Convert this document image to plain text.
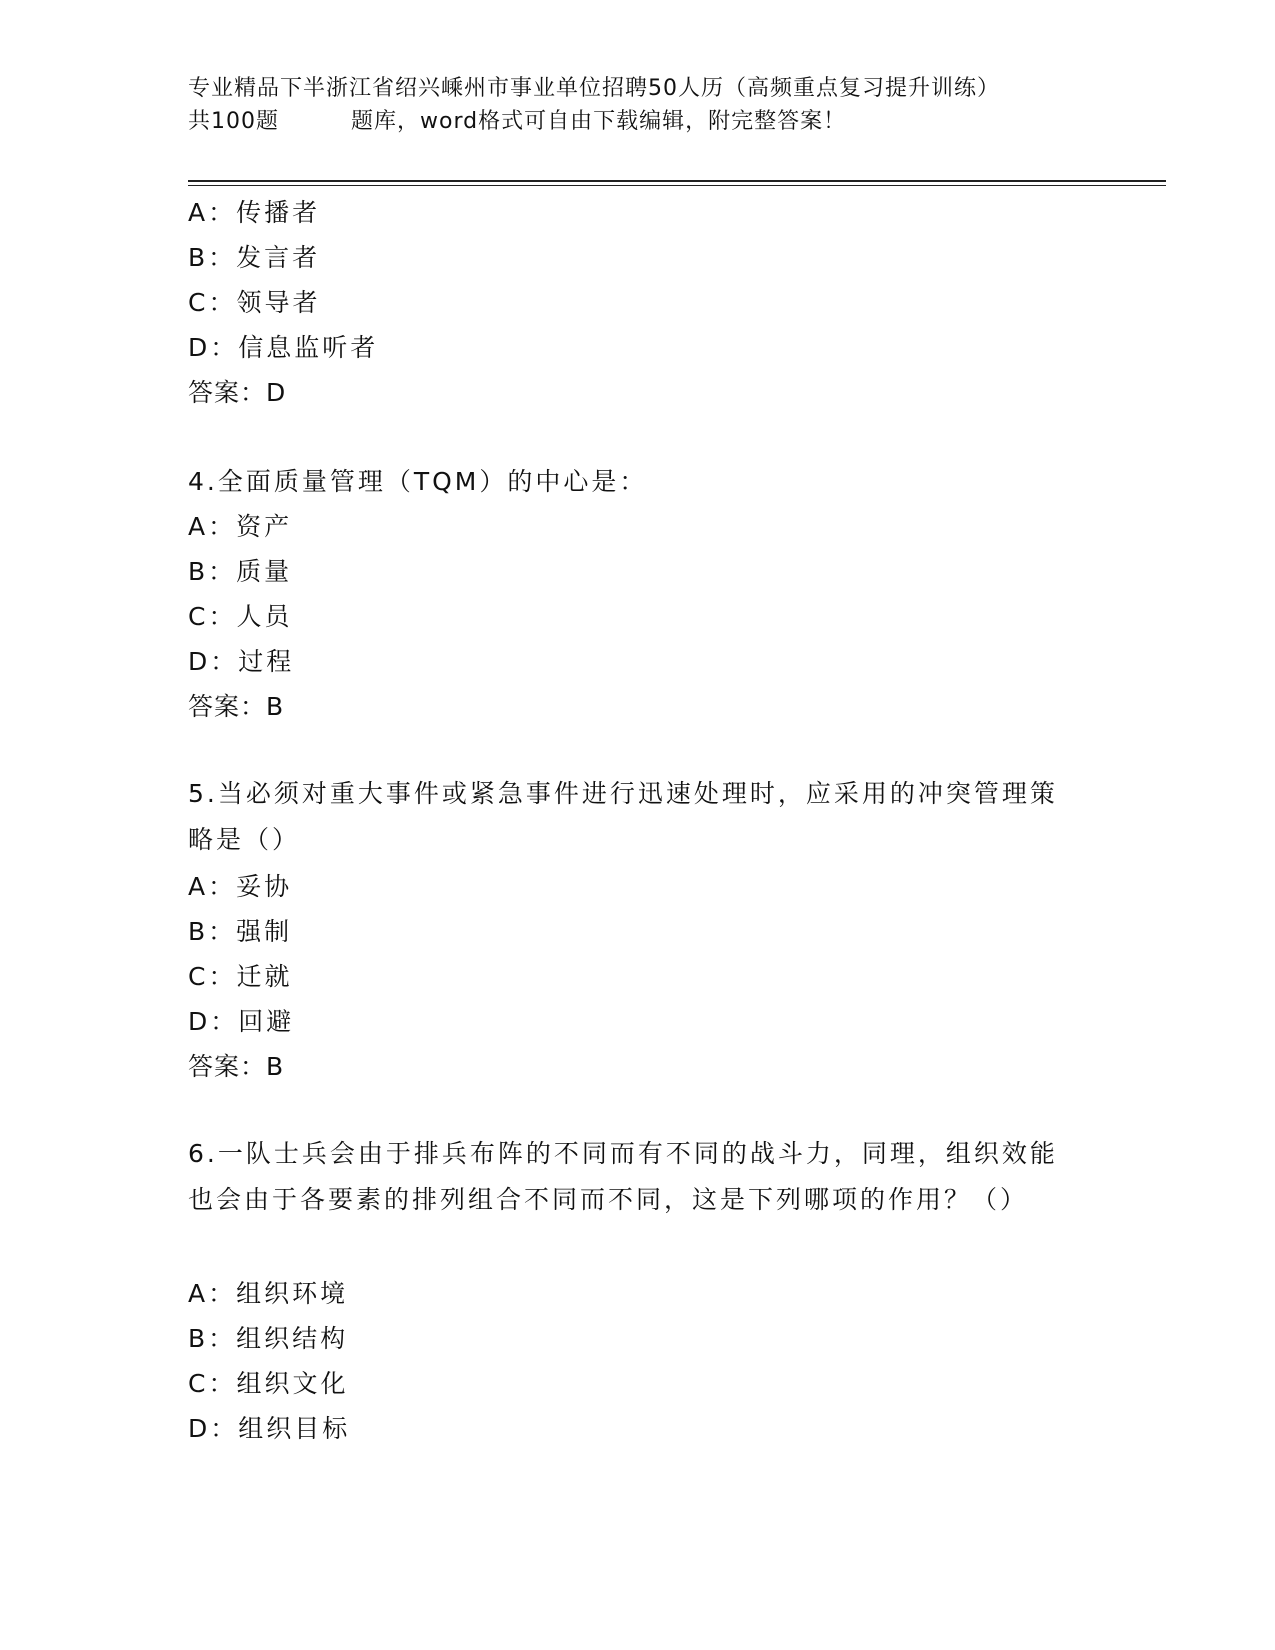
专业精品下半浙江省绍兴嵊州市事业单位招聘50人历（高频重点复习提升训练）
共100题	题库，word格式可自由下载编辑，附完整答案！
A：传播者
B：发言者
C：领导者
D：信息监听者
答案：D
4.全面质量管理（TQM）的中心是：
A：资产
B：质量
C：人员
D：过程
答案：B
5.当必须对重大事件或紧急事件进行迅速处理时，应采用的冲突管理策略是（）
A：妥协
B：强制
C：迁就
D：回避
答案：B
6.一队士兵会由于排兵布阵的不同而有不同的战斗力，同理，组织效能也会由于各要素的排列组合不同而不同，这是下列哪项的作用？（）
A：组织环境
B：组织结构
C：组织文化
D：组织目标
